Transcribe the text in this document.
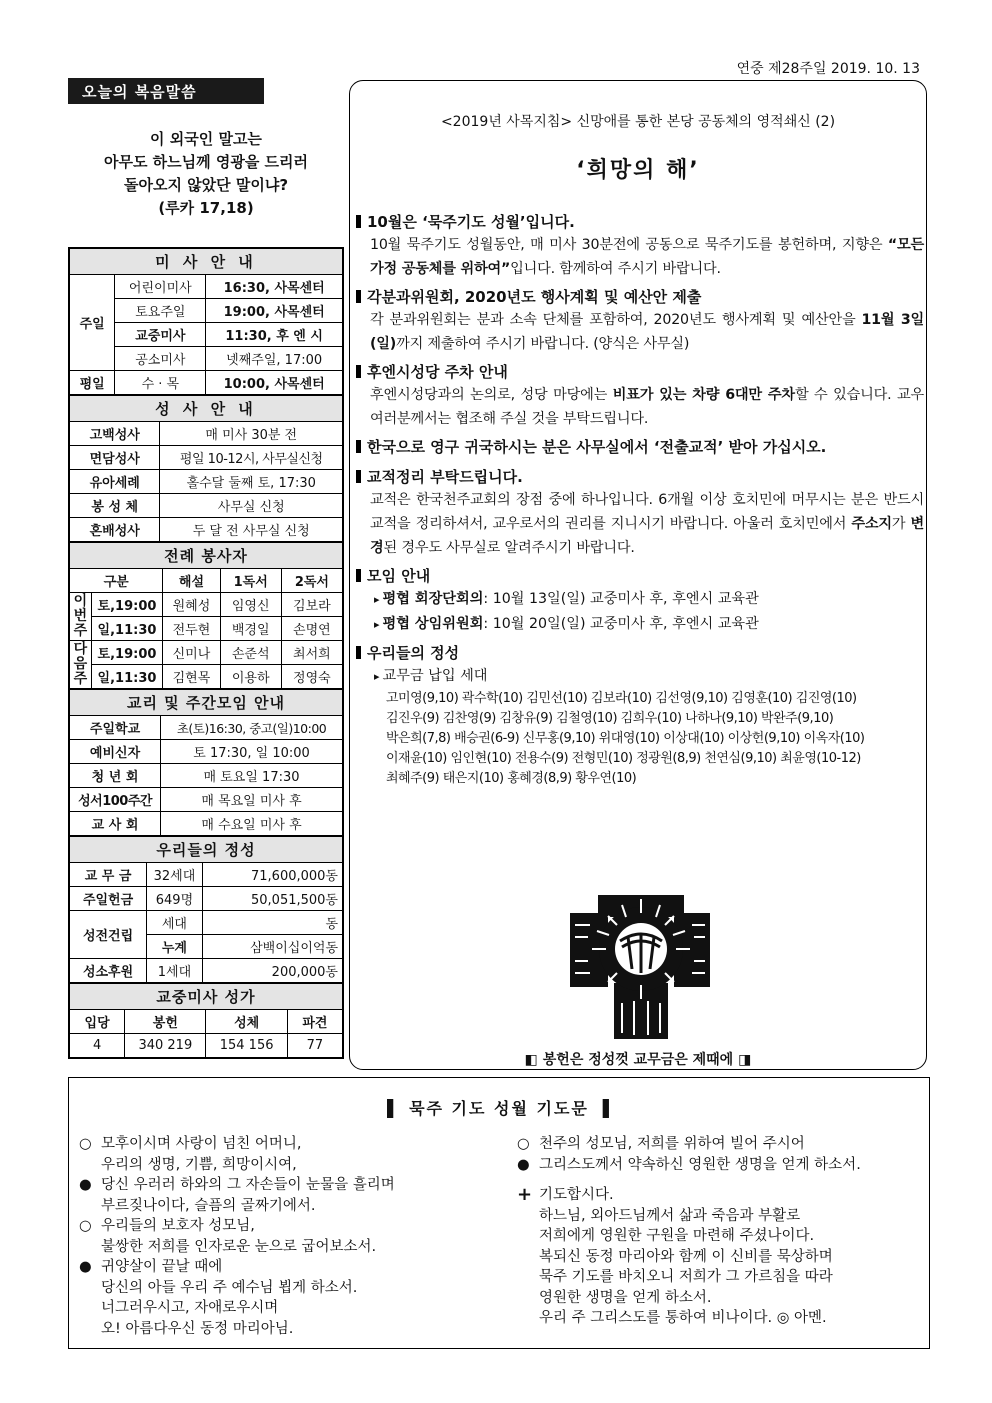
연중 제28주일 2019. 10. 13
오늘의 복음말씀
이 외국인 말고는
아무도 하느님께 영광을 드리러
돌아오지 않았단 말이냐?
(루카 17,18)
미 사 안 내		
주일	어린이미사	16:30, 사목센터
	토요주일	19:00, 사목센터
	교중미사	11:30, 후 엔 시
	공소미사	넷째주일, 17:00
평일	수 · 목	10:00, 사목센터
성 사 안 내	
고백성사	매 미사 30분 전
면담성사	평일 10-12시, 사무실신청
유아세례	홀수달 둘째 토, 17:30
봉 성 체	사무실 신청
혼배성사	두 달 전 사무실 신청
전례 봉사자				
구분		해설	1독서	2독서
이번주	토,19:00	원혜성	임영신	김보라
	일,11:30	전두현	백경일	손명연
다음주	토,19:00	신미나	손준석	최서희
	일,11:30	김현목	이용하	정영숙
교리 및 주간모임 안내	
주일학교	초(토)16:30, 중고(일)10:00
예비신자	토 17:30, 일 10:00
청 년 회	매 토요일 17:30
성서100주간	매 목요일 미사 후
교 사 회	매 수요일 미사 후
우리들의 정성		
교 무 금	32세대	71,600,000동
주일헌금	649명	50,051,500동
성전건립	세대	동
	누계	삼백이십이억동
성소후원	1세대	200,000동
교중미사 성가			
입당	봉헌	성체	파견
4	340 219	154 156	77
<2019년 사목지침> 신망애를 통한 본당 공동체의 영적쇄신 (2)
‘희망의 해’
10월은 ‘묵주기도 성월’입니다.
10월 묵주기도 성월동안, 매 미사 30분전에 공동으로 묵주기도를 봉헌하며, 지향은 “모든 가정 공동체를 위하여”입니다. 함께하여 주시기 바랍니다.
각분과위원회, 2020년도 행사계획 및 예산안 제출
각 분과위원회는 분과 소속 단체를 포함하여, 2020년도 행사계획 및 예산안을 11월 3일(일)까지 제출하여 주시기 바랍니다. (양식은 사무실)
후엔시성당 주차 안내
후엔시성당과의 논의로, 성당 마당에는 비표가 있는 차량 6대만 주차할 수 있습니다. 교우 여러분께서는 협조해 주실 것을 부탁드립니다.
한국으로 영구 귀국하시는 분은 사무실에서 ‘전출교적’ 받아 가십시오.
교적정리 부탁드립니다.
교적은 한국천주교회의 장점 중에 하나입니다. 6개월 이상 호치민에 머무시는 분은 반드시 교적을 정리하셔서, 교우로서의 권리를 지니시기 바랍니다. 아울러 호치민에서 주소지가 변경된 경우도 사무실로 알려주시기 바랍니다.
모임 안내
▸ 평협 회장단회의: 10월 13일(일) 교중미사 후, 후엔시 교육관
▸ 평협 상임위원회: 10월 20일(일) 교중미사 후, 후엔시 교육관
우리들의 정성
▸ 교무금 납입 세대
고미영(9,10) 곽수학(10) 김민선(10) 김보라(10) 김선영(9,10) 김영훈(10) 김진영(10)
김진우(9) 김찬영(9) 김창유(9) 김철영(10) 김희우(10) 나하나(9,10) 박완주(9,10)
박은희(7,8) 배승권(6-9) 신무홍(9,10) 위대영(10) 이상대(10) 이상헌(9,10) 이옥자(10)
이재윤(10) 임인현(10) 전용수(9) 전형민(10) 정광원(8,9) 천연심(9,10) 최윤영(10-12)
최혜주(9) 태은지(10) 홍혜경(8,9) 황우연(10)
◧ 봉헌은 정성껏 교무금은 제때에 ◨
▌ 묵주 기도 성월 기도문 ▐
○ 모후이시며 사랑이 넘친 어머니,
우리의 생명, 기쁨, 희망이시여,
● 당신 우러러 하와의 그 자손들이 눈물을 흘리며
부르짖나이다, 슬픔의 골짜기에서.
○ 우리들의 보호자 성모님,
불쌍한 저희를 인자로운 눈으로 굽어보소서.
● 귀양살이 끝날 때에
당신의 아들 우리 주 예수님 뵙게 하소서.
너그러우시고, 자애로우시며
오! 아름다우신 동정 마리아님.
○ 천주의 성모님, 저희를 위하여 빌어 주시어
● 그리스도께서 약속하신 영원한 생명을 얻게 하소서.
+ 기도합시다.
하느님, 외아드님께서 삶과 죽음과 부활로
저희에게 영원한 구원을 마련해 주셨나이다.
복되신 동정 마리아와 함께 이 신비를 묵상하며
묵주 기도를 바치오니 저희가 그 가르침을 따라
영원한 생명을 얻게 하소서.
우리 주 그리스도를 통하여 비나이다. ◎ 아멘.
